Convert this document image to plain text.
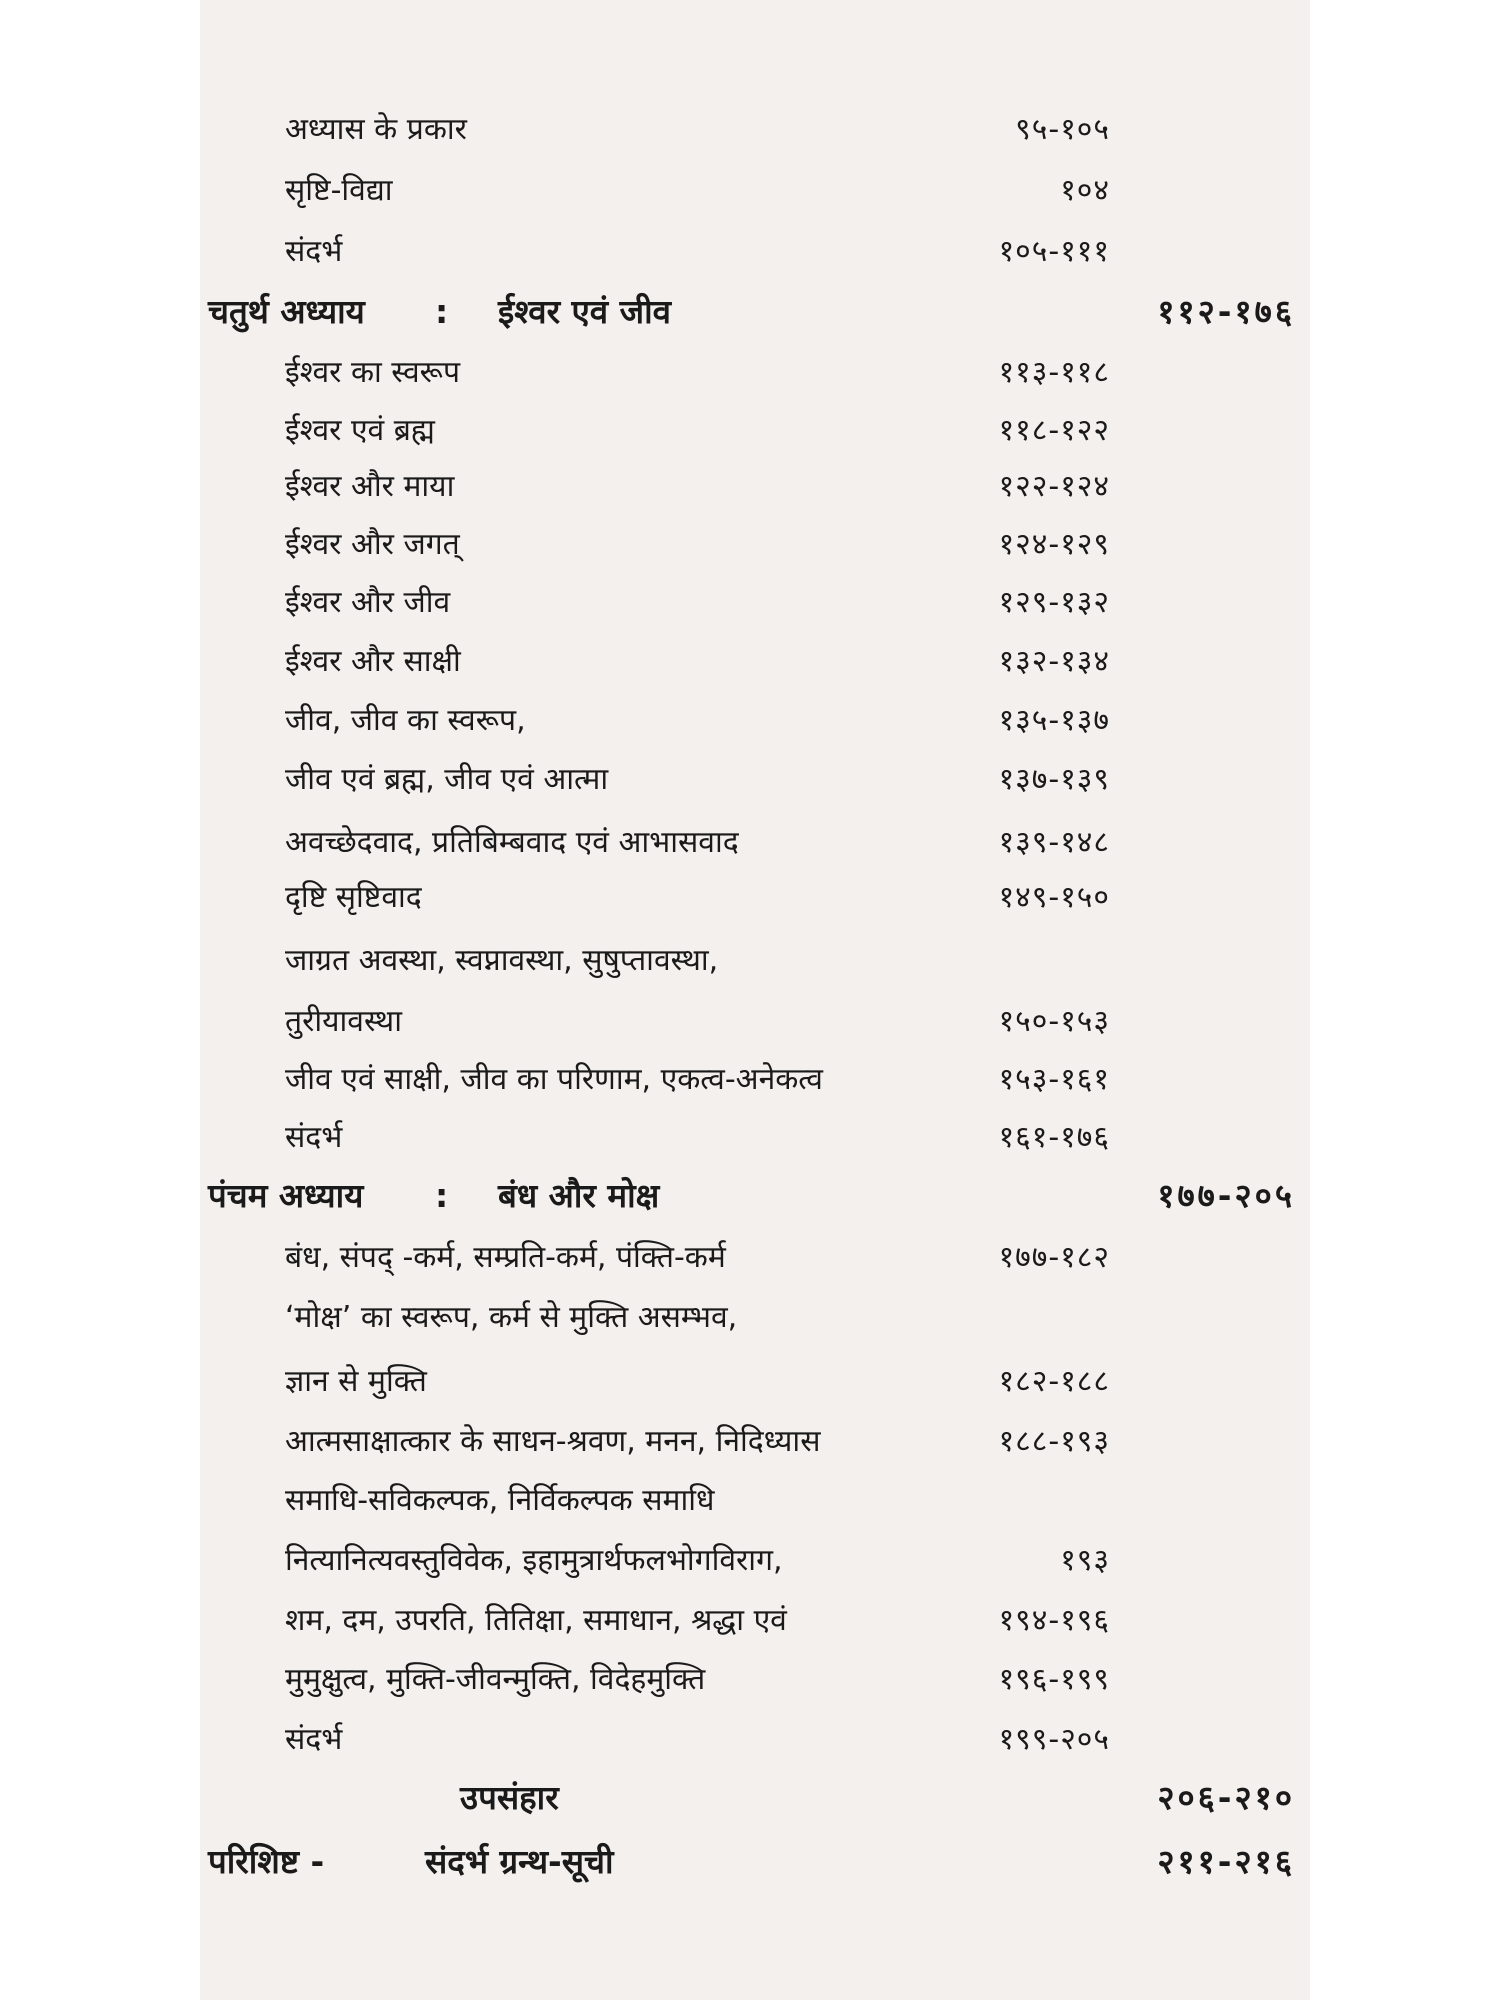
अध्यास के प्रकार	९५-१०५
सृष्टि-विद्या	१०४
संदर्भ	१०५-१११
चतुर्थ अध्याय : ईश्वर एवं जीव	११२-१७६
ईश्वर का स्वरूप	११३-११८
ईश्वर एवं ब्रह्म	११८-१२२
ईश्वर और माया	१२२-१२४
ईश्वर और जगत्	१२४-१२९
ईश्वर और जीव	१२९-१३२
ईश्वर और साक्षी	१३२-१३४
जीव, जीव का स्वरूप,	१३५-१३७
जीव एवं ब्रह्म, जीव एवं आत्मा	१३७-१३९
अवच्छेदवाद, प्रतिबिम्बवाद एवं आभासवाद	१३९-१४८
दृष्टि सृष्टिवाद	१४९-१५०
जाग्रत अवस्था, स्वप्नावस्था, सुषुप्तावस्था,
तुरीयावस्था	१५०-१५३
जीव एवं साक्षी, जीव का परिणाम, एकत्व-अनेकत्व	१५३-१६१
संदर्भ	१६१-१७६
पंचम अध्याय : बंध और मोक्ष	१७७-२०५
बंध, संपद् -कर्म, सम्प्रति-कर्म, पंक्ति-कर्म	१७७-१८२
‘मोक्ष’ का स्वरूप, कर्म से मुक्ति असम्भव,
ज्ञान से मुक्ति	१८२-१८८
आत्मसाक्षात्कार के साधन-श्रवण, मनन, निदिध्यास	१८८-१९३
समाधि-सविकल्पक, निर्विकल्पक समाधि
नित्यानित्यवस्तुविवेक, इहामुत्रार्थफलभोगविराग,	१९३
शम, दम, उपरति, तितिक्षा, समाधान, श्रद्धा एवं	१९४-१९६
मुमुक्षुत्व, मुक्ति-जीवन्मुक्ति, विदेहमुक्ति	१९६-१९९
संदर्भ	१९९-२०५
उपसंहार	२०६-२१०
परिशिष्ट -	संदर्भ ग्रन्थ-सूची	२११-२१६
